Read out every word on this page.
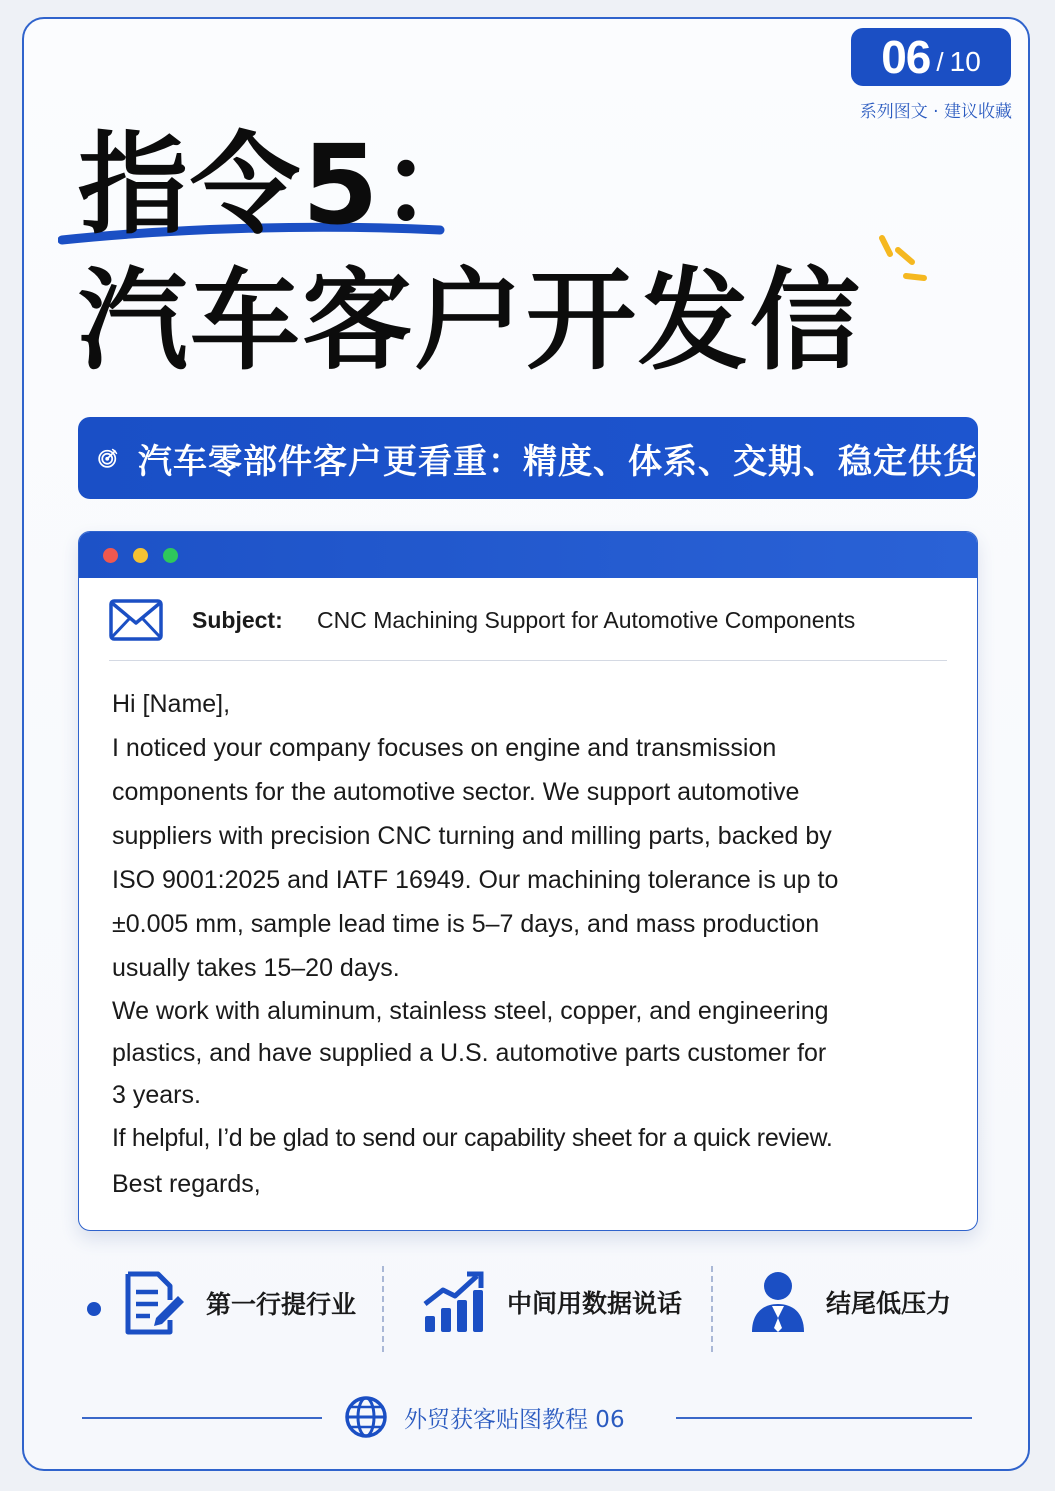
06 / 10
系列图文 · 建议收藏
指令5：
汽车客户开发信
汽车零部件客户更看重：精度、体系、交期、稳定供货
Subject: CNC Machining Support for Automotive Components

Hi [Name],

I noticed your company focuses on engine and transmission

components for the automotive sector. We support automotive

suppliers with precision CNC turning and milling parts, backed by

ISO 9001:2025 and IATF 16949. Our machining tolerance is up to

±0.005 mm, sample lead time is 5–7 days, and mass production

usually takes 15–20 days.

We work with aluminum, stainless steel, copper, and engineering

plastics, and have supplied a U.S. automotive parts customer for

3 years.

If helpful, I’d be glad to send our capability sheet for a quick review.

Best regards,

第一行提行业	中间用数据说话	结尾低压力
外贸获客贴图教程 06
